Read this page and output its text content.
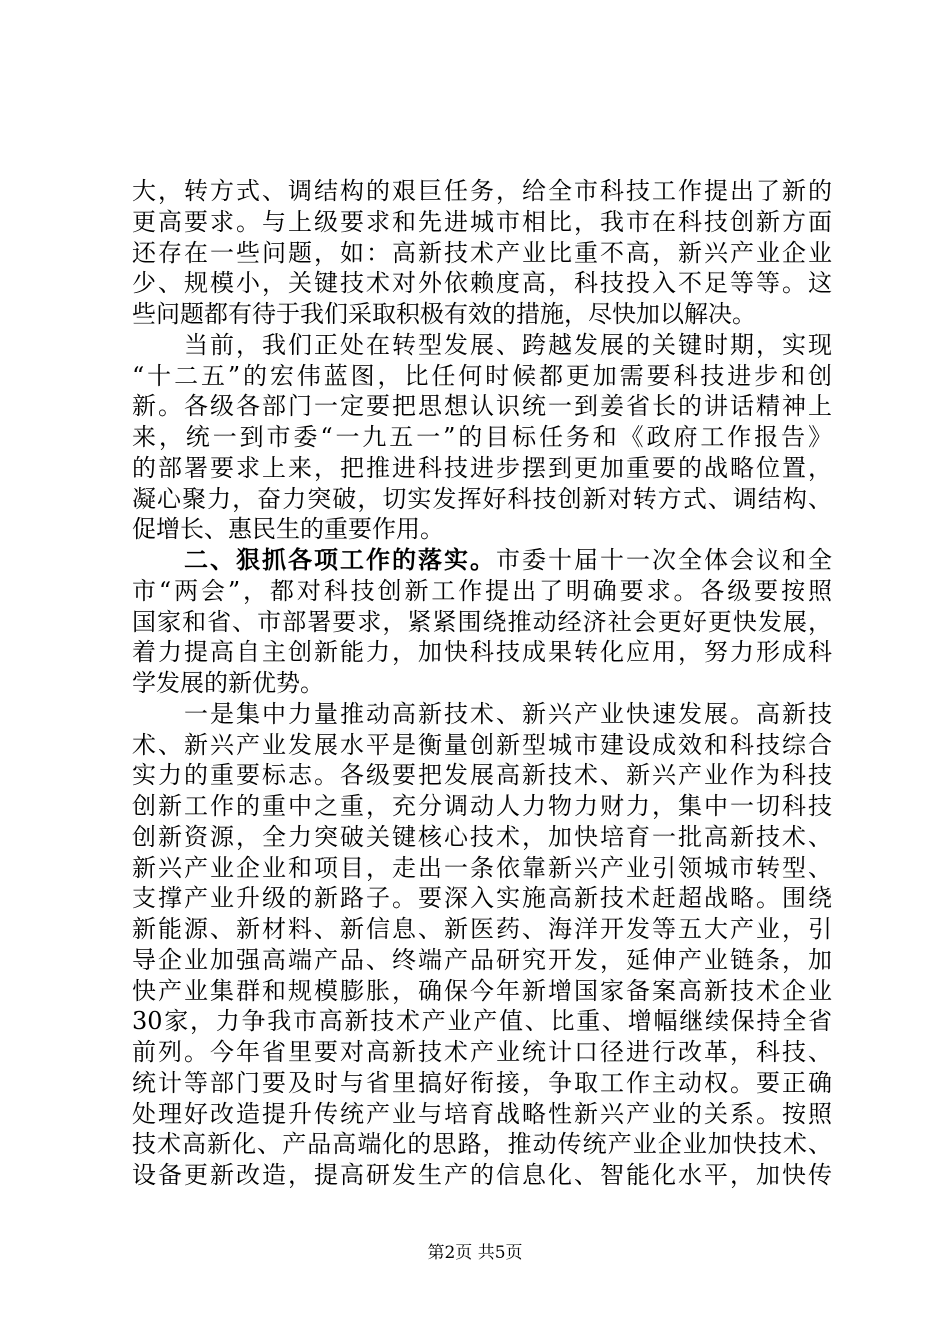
大，转方式、调结构的艰巨任务，给全市科技工作提出了新的
更高要求。与上级要求和先进城市相比，我市在科技创新方面
还存在一些问题，如：高新技术产业比重不高，新兴产业企业
少、规模小，关键技术对外依赖度高，科技投入不足等等。这
些问题都有待于我们采取积极有效的措施，尽快加以解决。
　　当前，我们正处在转型发展、跨越发展的关键时期，实现
“十二五”的宏伟蓝图，比任何时候都更加需要科技进步和创
新。各级各部门一定要把思想认识统一到姜省长的讲话精神上
来，统一到市委“一九五一”的目标任务和《政府工作报告》
的部署要求上来，把推进科技进步摆到更加重要的战略位置，
凝心聚力，奋力突破，切实发挥好科技创新对转方式、调结构、
促增长、惠民生的重要作用。
　　二、狠抓各项工作的落实。市委十届十一次全体会议和全
市“两会”，都对科技创新工作提出了明确要求。各级要按照
国家和省、市部署要求，紧紧围绕推动经济社会更好更快发展，
着力提高自主创新能力，加快科技成果转化应用，努力形成科
学发展的新优势。
　　一是集中力量推动高新技术、新兴产业快速发展。高新技
术、新兴产业发展水平是衡量创新型城市建设成效和科技综合
实力的重要标志。各级要把发展高新技术、新兴产业作为科技
创新工作的重中之重，充分调动人力物力财力，集中一切科技
创新资源，全力突破关键核心技术，加快培育一批高新技术、
新兴产业企业和项目，走出一条依靠新兴产业引领城市转型、
支撑产业升级的新路子。要深入实施高新技术赶超战略。围绕
新能源、新材料、新信息、新医药、海洋开发等五大产业，引
导企业加强高端产品、终端产品研究开发，延伸产业链条，加
快产业集群和规模膨胀，确保今年新增国家备案高新技术企业
30家，力争我市高新技术产业产值、比重、增幅继续保持全省
前列。今年省里要对高新技术产业统计口径进行改革，科技、
统计等部门要及时与省里搞好衔接，争取工作主动权。要正确
处理好改造提升传统产业与培育战略性新兴产业的关系。按照
技术高新化、产品高端化的思路，推动传统产业企业加快技术、
设备更新改造，提高研发生产的信息化、智能化水平，加快传
第2页 共5页
